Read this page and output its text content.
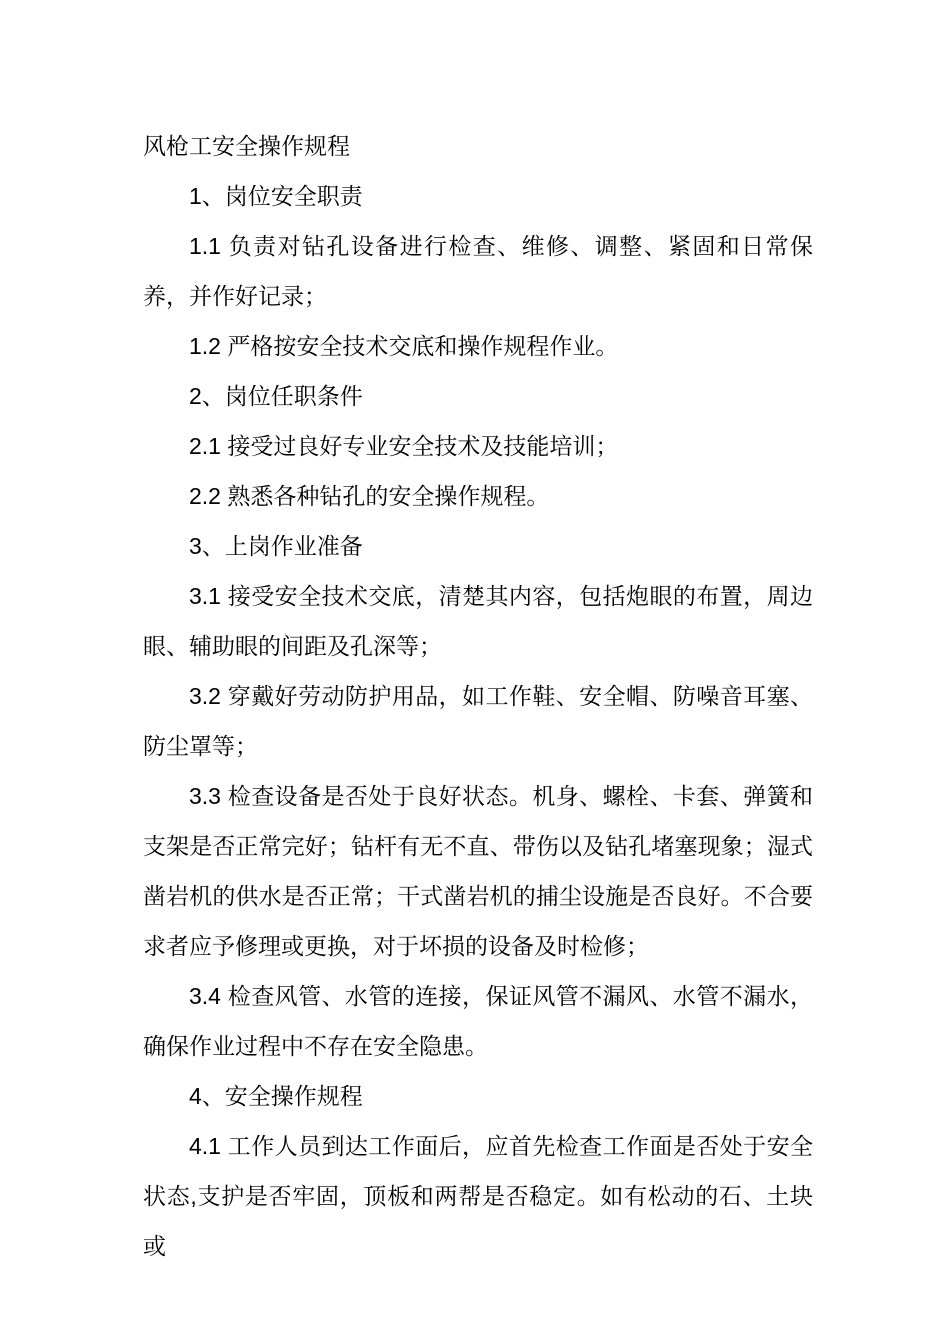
风枪工安全操作规程

1、岗位安全职责

1.1 负责对钻孔设备进行检查、维修、调整、紧固和日常保养，并作好记录；

1.2 严格按安全技术交底和操作规程作业。

2、岗位任职条件

2.1 接受过良好专业安全技术及技能培训；

2.2 熟悉各种钻孔的安全操作规程。

3、上岗作业准备

3.1 接受安全技术交底，清楚其内容，包括炮眼的布置，周边眼、辅助眼的间距及孔深等；

3.2 穿戴好劳动防护用品，如工作鞋、安全帽、防噪音耳塞、防尘罩等；

3.3 检查设备是否处于良好状态。机身、螺栓、卡套、弹簧和支架是否正常完好；钻杆有无不直、带伤以及钻孔堵塞现象；湿式凿岩机的供水是否正常；干式凿岩机的捕尘设施是否良好。不合要求者应予修理或更换，对于坏损的设备及时检修；

3.4 检查风管、水管的连接，保证风管不漏风、水管不漏水，确保作业过程中不存在安全隐患。

4、安全操作规程

4.1 工作人员到达工作面后，应首先检查工作面是否处于安全状态,支护是否牢固，顶板和两帮是否稳定。如有松动的石、土块或
